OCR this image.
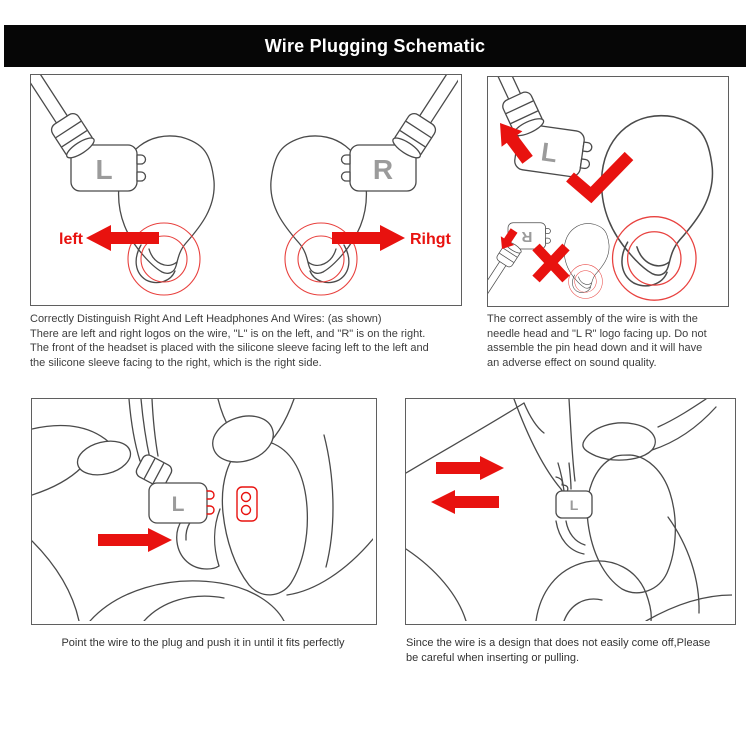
Wire Plugging Schematic
L	R
left	Rihgt
L
R
Correctly Distinguish Right And Left Headphones And Wires: (as shown)
There are left and right logos on the wire, "L" is on the left, and "R" is on the right.
The front of the headset is placed with the silicone sleeve facing left to the left and
the silicone sleeve facing to the right, which is the right side.
The correct assembly of the wire is with the
needle head and "L R" logo facing up. Do not
assemble the pin head down and it will have
an adverse effect on sound quality.
L	L
Point the wire to the plug and push it in until it fits perfectly	Since the wire is a design that does not easily come off,Please
be careful when inserting or pulling.
